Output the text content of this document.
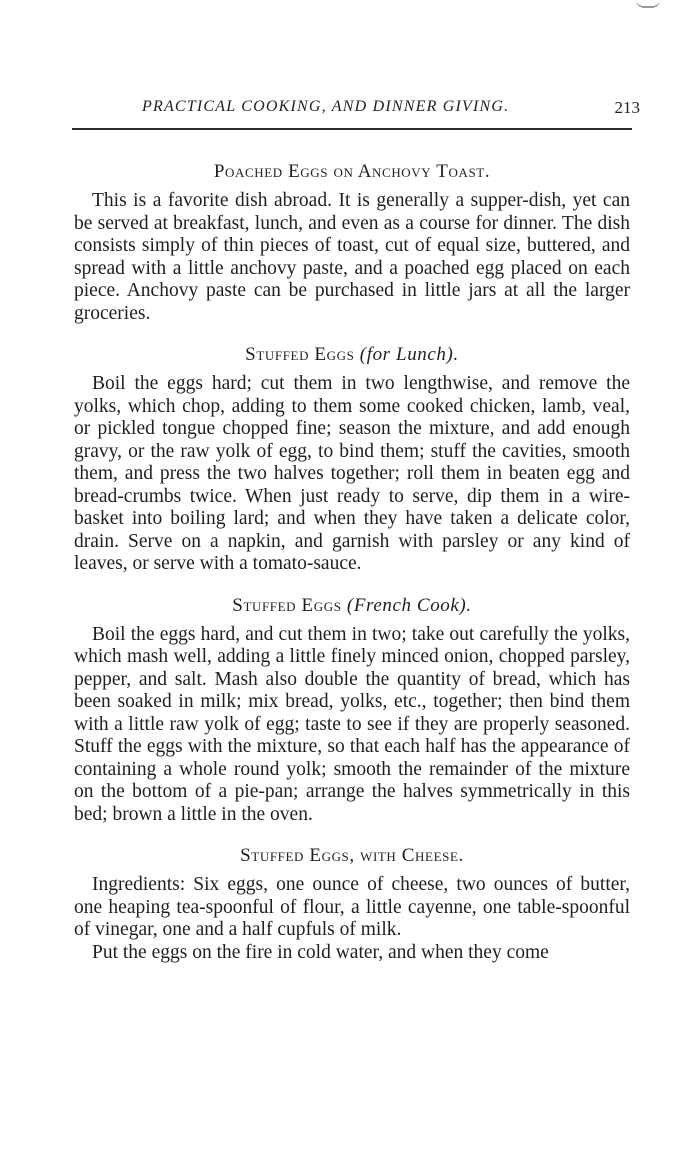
PRACTICAL COOKING, AND DINNER GIVING.	213
Poached Eggs on Anchovy Toast.

This is a favorite dish abroad. It is generally a supper-dish, yet can be served at breakfast, lunch, and even as a course for dinner. The dish consists simply of thin pieces of toast, cut of equal size, buttered, and spread with a little anchovy paste, and a poached egg placed on each piece. Anchovy paste can be purchased in little jars at all the larger groceries.

Stuffed Eggs (for Lunch).

Boil the eggs hard; cut them in two lengthwise, and remove the yolks, which chop, adding to them some cooked chicken, lamb, veal, or pickled tongue chopped fine; season the mixture, and add enough gravy, or the raw yolk of egg, to bind them; stuff the cavities, smooth them, and press the two halves together; roll them in beaten egg and bread-crumbs twice. When just ready to serve, dip them in a wire-basket into boiling lard; and when they have taken a delicate color, drain. Serve on a napkin, and garnish with parsley or any kind of leaves, or serve with a tomato-sauce.

Stuffed Eggs (French Cook).

Boil the eggs hard, and cut them in two; take out carefully the yolks, which mash well, adding a little finely minced onion, chopped parsley, pepper, and salt. Mash also double the quantity of bread, which has been soaked in milk; mix bread, yolks, etc., together; then bind them with a little raw yolk of egg; taste to see if they are properly seasoned. Stuff the eggs with the mixture, so that each half has the appearance of containing a whole round yolk; smooth the remainder of the mixture on the bottom of a pie-pan; arrange the halves symmetrically in this bed; brown a little in the oven.

Stuffed Eggs, with Cheese.

Ingredients: Six eggs, one ounce of cheese, two ounces of butter, one heaping tea-spoonful of flour, a little cayenne, one table-spoonful of vinegar, one and a half cupfuls of milk.

Put the eggs on the fire in cold water, and when they come
